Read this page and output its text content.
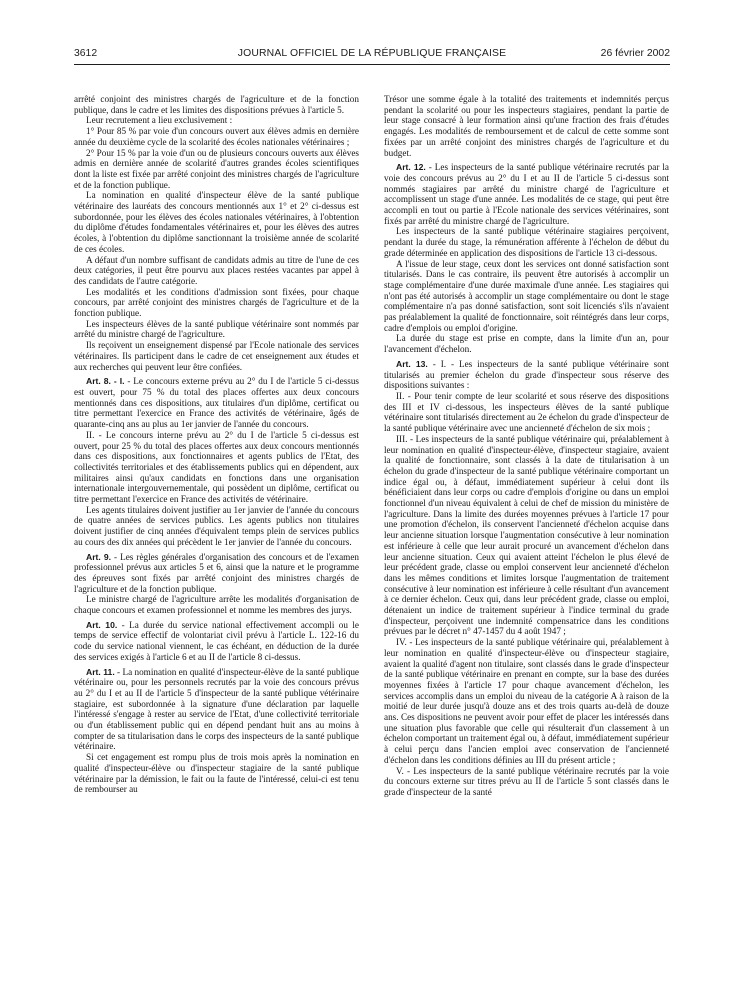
3612	JOURNAL OFFICIEL DE LA RÉPUBLIQUE FRANÇAISE	26 février 2002

arrêté conjoint des ministres chargés de l'agriculture et de la fonction publique, dans le cadre et les limites des dispositions prévues à l'article 5.

Leur recrutement a lieu exclusivement :

1° Pour 85 % par voie d'un concours ouvert aux élèves admis en dernière année du deuxième cycle de la scolarité des écoles nationales vétérinaires ;

2° Pour 15 % par la voie d'un ou de plusieurs concours ouverts aux élèves admis en dernière année de scolarité d'autres grandes écoles scientifiques dont la liste est fixée par arrêté conjoint des ministres chargés de l'agriculture et de la fonction publique.

La nomination en qualité d'inspecteur élève de la santé publique vétérinaire des lauréats des concours mentionnés aux 1° et 2° ci-dessus est subordonnée, pour les élèves des écoles nationales vétérinaires, à l'obtention du diplôme d'études fondamentales vétérinaires et, pour les élèves des autres écoles, à l'obtention du diplôme sanctionnant la troisième année de scolarité de ces écoles.

A défaut d'un nombre suffisant de candidats admis au titre de l'une de ces deux catégories, il peut être pourvu aux places restées vacantes par appel à des candidats de l'autre catégorie.

Les modalités et les conditions d'admission sont fixées, pour chaque concours, par arrêté conjoint des ministres chargés de l'agriculture et de la fonction publique.

Les inspecteurs élèves de la santé publique vétérinaire sont nommés par arrêté du ministre chargé de l'agriculture.

Ils reçoivent un enseignement dispensé par l'Ecole nationale des services vétérinaires. Ils participent dans le cadre de cet enseignement aux études et aux recherches qui peuvent leur être confiées.

Art. 8. - I. - Le concours externe prévu au 2° du I de l'article 5 ci-dessus est ouvert, pour 75 % du total des places offertes aux deux concours mentionnés dans ces dispositions, aux titulaires d'un diplôme, certificat ou titre permettant l'exercice en France des activités de vétérinaire, âgés de quarante-cinq ans au plus au 1er janvier de l'année du concours.

II. - Le concours interne prévu au 2° du I de l'article 5 ci-dessus est ouvert, pour 25 % du total des places offertes aux deux concours mentionnés dans ces dispositions, aux fonctionnaires et agents publics de l'Etat, des collectivités territoriales et des établissements publics qui en dépendent, aux militaires ainsi qu'aux candidats en fonctions dans une organisation internationale intergouvernementale, qui possèdent un diplôme, certificat ou titre permettant l'exercice en France des activités de vétérinaire.

Les agents titulaires doivent justifier au 1er janvier de l'année du concours de quatre années de services publics. Les agents publics non titulaires doivent justifier de cinq années d'équivalent temps plein de services publics au cours des dix années qui précèdent le 1er janvier de l'année du concours.

Art. 9. - Les règles générales d'organisation des concours et de l'examen professionnel prévus aux articles 5 et 6, ainsi que la nature et le programme des épreuves sont fixés par arrêté conjoint des ministres chargés de l'agriculture et de la fonction publique.

Le ministre chargé de l'agriculture arrête les modalités d'organisation de chaque concours et examen professionnel et nomme les membres des jurys.

Art. 10. - La durée du service national effectivement accompli ou le temps de service effectif de volontariat civil prévu à l'article L. 122-16 du code du service national viennent, le cas échéant, en déduction de la durée des services exigés à l'article 6 et au II de l'article 8 ci-dessus.

Art. 11. - La nomination en qualité d'inspecteur-élève de la santé publique vétérinaire ou, pour les personnels recrutés par la voie des concours prévus au 2° du I et au II de l'article 5 d'inspecteur de la santé publique vétérinaire stagiaire, est subordonnée à la signature d'une déclaration par laquelle l'intéressé s'engage à rester au service de l'Etat, d'une collectivité territoriale ou d'un établissement public qui en dépend pendant huit ans au moins à compter de sa titularisation dans le corps des inspecteurs de la santé publique vétérinaire.

Si cet engagement est rompu plus de trois mois après la nomination en qualité d'inspecteur-élève ou d'inspecteur stagiaire de la santé publique vétérinaire par la démission, le fait ou la faute de l'intéressé, celui-ci est tenu de rembourser au

Trésor une somme égale à la totalité des traitements et indemnités perçus pendant la scolarité ou pour les inspecteurs stagiaires, pendant la partie de leur stage consacré à leur formation ainsi qu'une fraction des frais d'études engagés. Les modalités de remboursement et de calcul de cette somme sont fixées par un arrêté conjoint des ministres chargés de l'agriculture et du budget.

Art. 12. - Les inspecteurs de la santé publique vétérinaire recrutés par la voie des concours prévus au 2° du I et au II de l'article 5 ci-dessus sont nommés stagiaires par arrêté du ministre chargé de l'agriculture et accomplissent un stage d'une année. Les modalités de ce stage, qui peut être accompli en tout ou partie à l'Ecole nationale des services vétérinaires, sont fixés par arrêté du ministre chargé de l'agriculture.

Les inspecteurs de la santé publique vétérinaire stagiaires perçoivent, pendant la durée du stage, la rémunération afférente à l'échelon de début du grade déterminée en application des dispositions de l'article 13 ci-dessous.

A l'issue de leur stage, ceux dont les services ont donné satisfaction sont titularisés. Dans le cas contraire, ils peuvent être autorisés à accomplir un stage complémentaire d'une durée maximale d'une année. Les stagiaires qui n'ont pas été autorisés à accomplir un stage complémentaire ou dont le stage complémentaire n'a pas donné satisfaction, sont soit licenciés s'ils n'avaient pas préalablement la qualité de fonctionnaire, soit réintégrés dans leur corps, cadre d'emplois ou emploi d'origine.

La durée du stage est prise en compte, dans la limite d'un an, pour l'avancement d'échelon.

Art. 13. - I. - Les inspecteurs de la santé publique vétérinaire sont titularisés au premier échelon du grade d'inspecteur sous réserve des dispositions suivantes :

II. - Pour tenir compte de leur scolarité et sous réserve des dispositions des III et IV ci-dessous, les inspecteurs élèves de la santé publique vétérinaire sont titularisés directement au 2e échelon du grade d'inspecteur de la santé publique vétérinaire avec une ancienneté d'échelon de six mois ;

III. - Les inspecteurs de la santé publique vétérinaire qui, préalablement à leur nomination en qualité d'inspecteur-élève, d'inspecteur stagiaire, avaient la qualité de fonctionnaire, sont classés à la date de titularisation à un échelon du grade d'inspecteur de la santé publique vétérinaire comportant un indice égal ou, à défaut, immédiatement supérieur à celui dont ils bénéficiaient dans leur corps ou cadre d'emplois d'origine ou dans un emploi fonctionnel d'un niveau équivalent à celui de chef de mission du ministère de l'agriculture. Dans la limite des durées moyennes prévues à l'article 17 pour une promotion d'échelon, ils conservent l'ancienneté d'échelon acquise dans leur ancienne situation lorsque l'augmentation consécutive à leur nomination est inférieure à celle que leur aurait procuré un avancement d'échelon dans leur ancienne situation. Ceux qui avaient atteint l'échelon le plus élevé de leur précédent grade, classe ou emploi conservent leur ancienneté d'échelon dans les mêmes conditions et limites lorsque l'augmentation de traitement consécutive à leur nomination est inférieure à celle résultant d'un avancement à ce dernier échelon. Ceux qui, dans leur précédent grade, classe ou emploi, détenaient un indice de traitement supérieur à l'indice terminal du grade d'inspecteur, perçoivent une indemnité compensatrice dans les conditions prévues par le décret n° 47-1457 du 4 août 1947 ;

IV. - Les inspecteurs de la santé publique vétérinaire qui, préalablement à leur nomination en qualité d'inspecteur-élève ou d'inspecteur stagiaire, avaient la qualité d'agent non titulaire, sont classés dans le grade d'inspecteur de la santé publique vétérinaire en prenant en compte, sur la base des durées moyennes fixées à l'article 17 pour chaque avancement d'échelon, les services accomplis dans un emploi du niveau de la catégorie A à raison de la moitié de leur durée jusqu'à douze ans et des trois quarts au-delà de douze ans. Ces dispositions ne peuvent avoir pour effet de placer les intéressés dans une situation plus favorable que celle qui résulterait d'un classement à un échelon comportant un traitement égal ou, à défaut, immédiatement supérieur à celui perçu dans l'ancien emploi avec conservation de l'ancienneté d'échelon dans les conditions définies au III du présent article ;

V. - Les inspecteurs de la santé publique vétérinaire recrutés par la voie du concours externe sur titres prévu au II de l'article 5 sont classés dans le grade d'inspecteur de la santé
